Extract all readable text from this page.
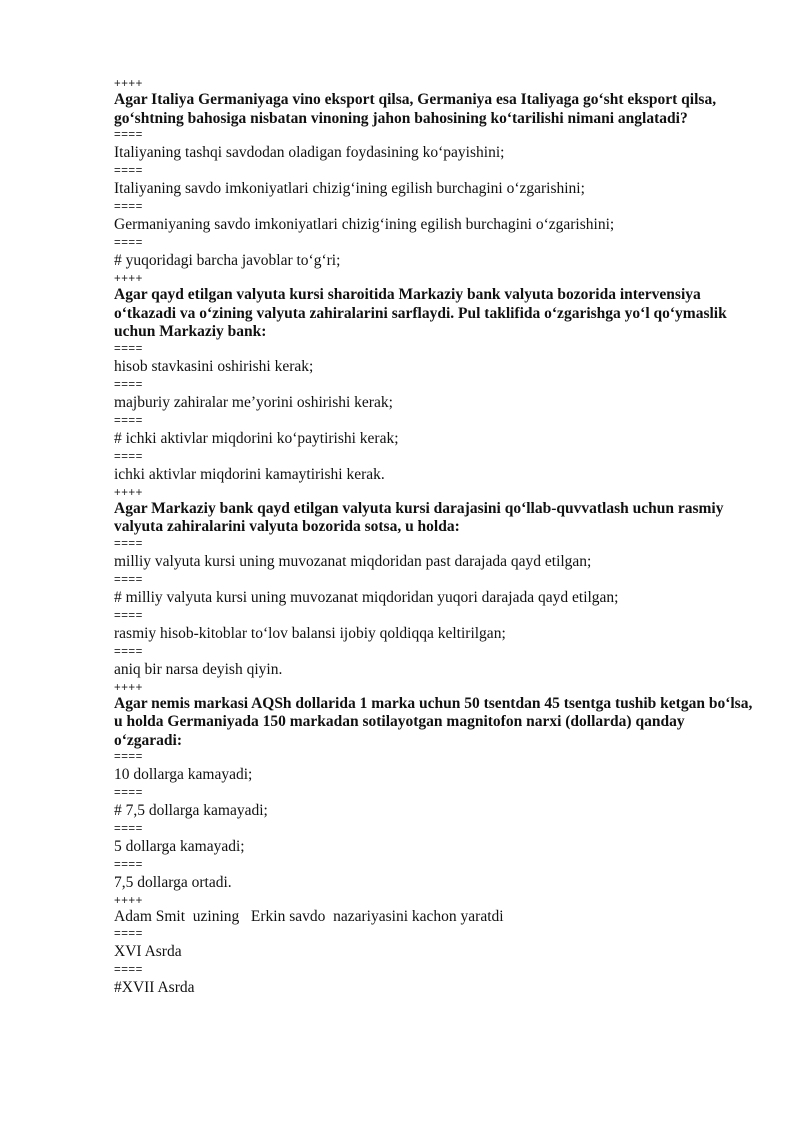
++++
Agar Italiya Germaniyaga vino eksport qilsa, Germaniya esa Italiyaga go‘sht eksport qilsa, go‘shtning bahosiga nisbatan vinoning jahon bahosining ko‘tarilishi nimani anglatadi?
====
Italiyaning tashqi savdodan oladigan foydasining ko‘payishini;
====
Italiyaning savdo imkoniyatlari chizig‘ining egilish burchagini o‘zgarishini;
====
Germaniyaning savdo imkoniyatlari chizig‘ining egilish burchagini o‘zgarishini;
====
# yuqoridagi barcha javoblar to‘g‘ri;
++++
Agar qayd etilgan valyuta kursi sharoitida Markaziy bank valyuta bozorida intervensiya o‘tkazadi va o‘zining valyuta zahiralarini sarflaydi. Pul taklifida o‘zgarishga yo‘l qo‘ymaslik uchun Markaziy bank:
====
hisob stavkasini oshirishi kerak;
====
majburiy zahiralar me’yorini oshirishi kerak;
====
# ichki aktivlar miqdorini ko‘paytirishi kerak;
====
ichki aktivlar miqdorini kamaytirishi kerak.
++++
Agar Markaziy bank qayd etilgan valyuta kursi darajasini qo‘llab-quvvatlash uchun rasmiy valyuta zahiralarini valyuta bozorida sotsa, u holda:
====
milliy valyuta kursi uning muvozanat miqdoridan past darajada qayd etilgan;
====
# milliy valyuta kursi uning muvozanat miqdoridan yuqori darajada qayd etilgan;
====
rasmiy hisob-kitoblar to‘lov balansi ijobiy qoldiqqa keltirilgan;
====
aniq bir narsa deyish qiyin.
++++
Agar nemis markasi AQSh dollarida 1 marka uchun 50 tsentdan 45 tsentga tushib ketgan bo‘lsa, u holda Germaniyada 150 markadan sotilayotgan magnitofon narxi (dollarda) qanday o‘zgaradi:
====
10 dollarga kamayadi;
====
# 7,5 dollarga kamayadi;
====
5 dollarga kamayadi;
====
7,5 dollarga ortadi.
++++
Adam Smit  uzining   Erkin savdo  nazariyasini kachon yaratdi
====
XVI Asrda
====
#XVII Asrda
